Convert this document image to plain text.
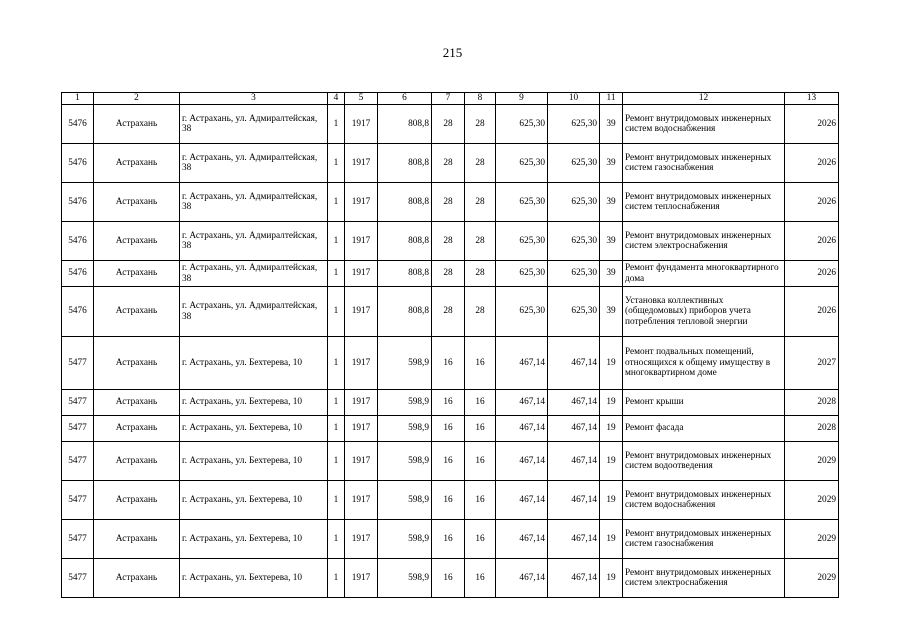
215
1	2	3	4	5	6	7	8	9	10	11	12	13
5476	Астрахань	г. Астрахань, ул. Адмиралтейская, 38	1	1917	808,8	28	28	625,30	625,30	39	Ремонт внутридомовых инженерных систем водоснабжения	2026
5476	Астрахань	г. Астрахань, ул. Адмиралтейская, 38	1	1917	808,8	28	28	625,30	625,30	39	Ремонт внутридомовых инженерных систем газоснабжения	2026
5476	Астрахань	г. Астрахань, ул. Адмиралтейская, 38	1	1917	808,8	28	28	625,30	625,30	39	Ремонт внутридомовых инженерных систем теплоснабжения	2026
5476	Астрахань	г. Астрахань, ул. Адмиралтейская, 38	1	1917	808,8	28	28	625,30	625,30	39	Ремонт внутридомовых инженерных систем электроснабжения	2026
5476	Астрахань	г. Астрахань, ул. Адмиралтейская, 38	1	1917	808,8	28	28	625,30	625,30	39	Ремонт фундамента многоквартирного дома	2026
5476	Астрахань	г. Астрахань, ул. Адмиралтейская, 38	1	1917	808,8	28	28	625,30	625,30	39	Установка коллективных (общедомовых) приборов учета потребления тепловой энергии	2026
5477	Астрахань	г. Астрахань, ул. Бехтерева, 10	1	1917	598,9	16	16	467,14	467,14	19	Ремонт подвальных помещений, относящихся к общему имуществу в многоквартирном доме	2027
5477	Астрахань	г. Астрахань, ул. Бехтерева, 10	1	1917	598,9	16	16	467,14	467,14	19	Ремонт крыши	2028
5477	Астрахань	г. Астрахань, ул. Бехтерева, 10	1	1917	598,9	16	16	467,14	467,14	19	Ремонт фасада	2028
5477	Астрахань	г. Астрахань, ул. Бехтерева, 10	1	1917	598,9	16	16	467,14	467,14	19	Ремонт внутридомовых инженерных систем водоотведения	2029
5477	Астрахань	г. Астрахань, ул. Бехтерева, 10	1	1917	598,9	16	16	467,14	467,14	19	Ремонт внутридомовых инженерных систем водоснабжения	2029
5477	Астрахань	г. Астрахань, ул. Бехтерева, 10	1	1917	598,9	16	16	467,14	467,14	19	Ремонт внутридомовых инженерных систем газоснабжения	2029
5477	Астрахань	г. Астрахань, ул. Бехтерева, 10	1	1917	598,9	16	16	467,14	467,14	19	Ремонт внутридомовых инженерных систем электроснабжения	2029
